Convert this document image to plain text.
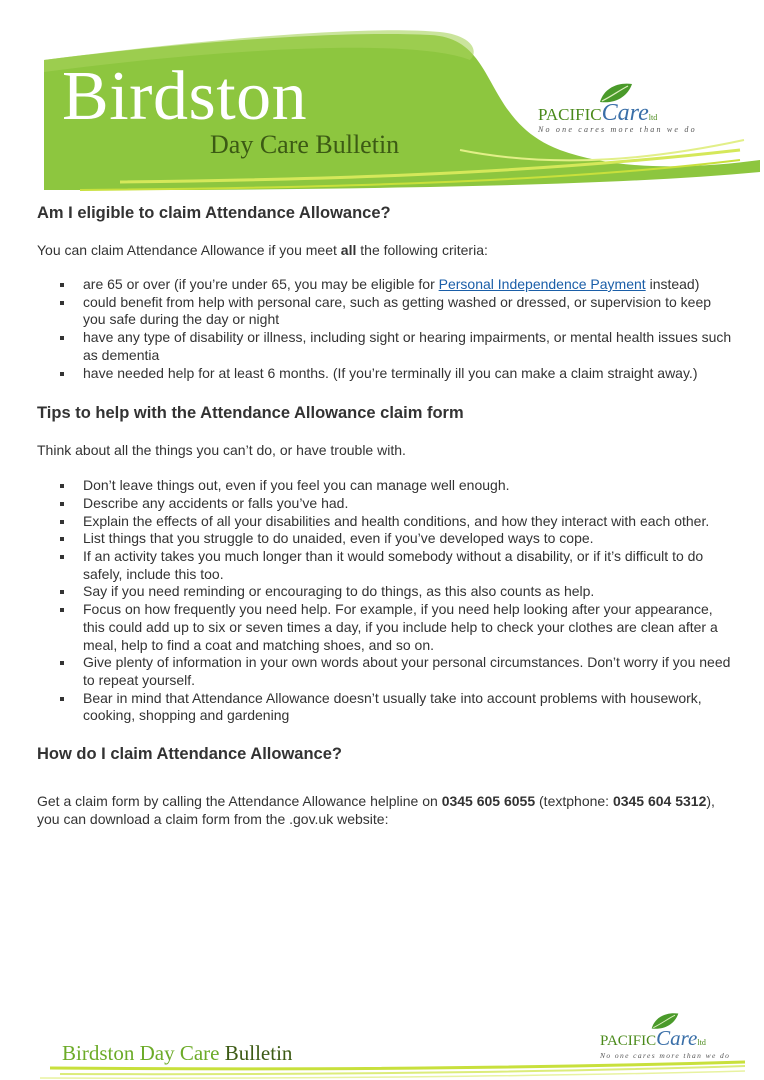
Birdston
Day Care Bulletin
PACIFICCareltd
No one cares more than we do
Am I eligible to claim Attendance Allowance?

You can claim Attendance Allowance if you meet all the following criteria:

are 65 or over (if you’re under 65, you may be eligible for Personal Independence Payment instead)
could benefit from help with personal care, such as getting washed or dressed, or supervision to keep you safe during the day or night
have any type of disability or illness, including sight or hearing impairments, or mental health issues such as dementia
have needed help for at least 6 months. (If you’re terminally ill you can make a claim straight away.)
Tips to help with the Attendance Allowance claim form

Think about all the things you can’t do, or have trouble with.

Don’t leave things out, even if you feel you can manage well enough.
Describe any accidents or falls you’ve had.
Explain the effects of all your disabilities and health conditions, and how they interact with each other.
List things that you struggle to do unaided, even if you’ve developed ways to cope.
If an activity takes you much longer than it would somebody without a disability, or if it’s difficult to do safely, include this too.
Say if you need reminding or encouraging to do things, as this also counts as help.
Focus on how frequently you need help. For example, if you need help looking after your appearance, this could add up to six or seven times a day, if you include help to check your clothes are clean after a meal, help to find a coat and matching shoes, and so on.
Give plenty of information in your own words about your personal circumstances. Don’t worry if you need to repeat yourself.
Bear in mind that Attendance Allowance doesn’t usually take into account problems with housework, cooking, shopping and gardening
How do I claim Attendance Allowance?

Get a claim form by calling the Attendance Allowance helpline on 0345 605 6055 (textphone: 0345 604 5312), you can download a claim form from the .gov.uk website:

Birdston Day Care Bulletin	PACIFICCareltd
No one cares more than we do
